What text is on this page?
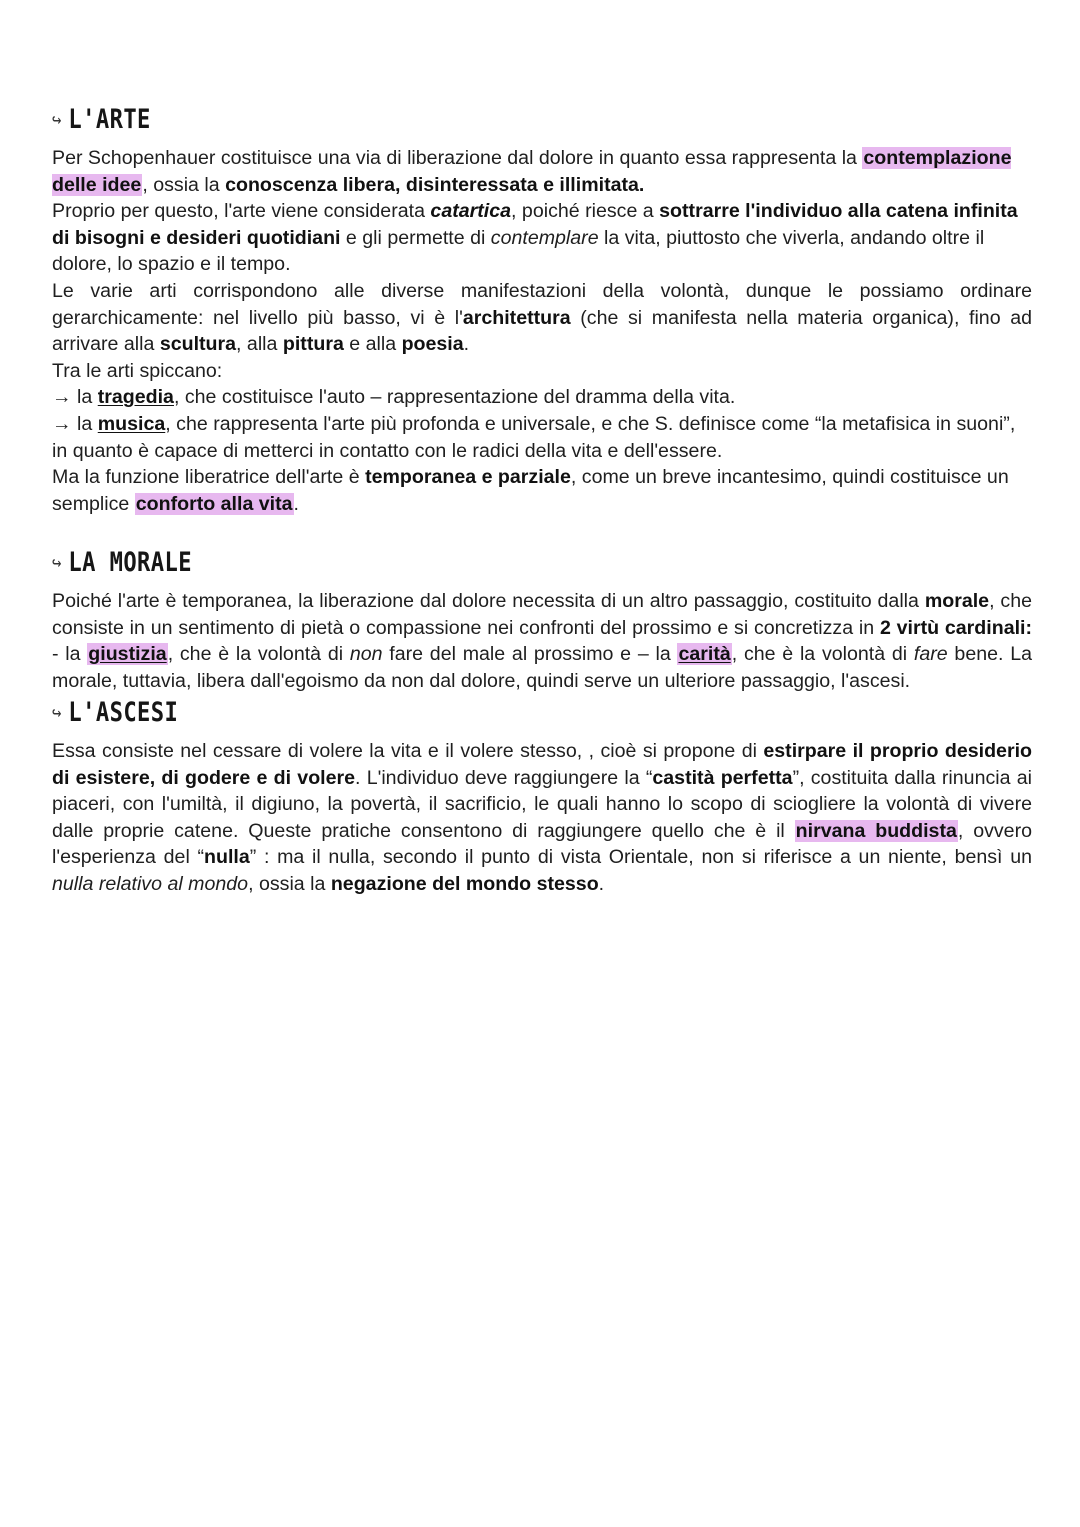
↪ L'ARTE

Per Schopenhauer costituisce una via di liberazione dal dolore in quanto essa rappresenta la contemplazione delle idee, ossia la conoscenza libera, disinteressata e illimitata.

Proprio per questo, l'arte viene considerata catartica, poiché riesce a sottrarre l'individuo alla catena infinita di bisogni e desideri quotidiani e gli permette di contemplare la vita, piuttosto che viverla, andando oltre il dolore, lo spazio e il tempo.

Le varie arti corrispondono alle diverse manifestazioni della volontà, dunque le possiamo ordinare gerarchicamente: nel livello più basso, vi è l'architettura (che si manifesta nella materia organica), fino ad arrivare alla scultura, alla pittura e alla poesia.

Tra le arti spiccano:

→ la tragedia, che costituisce l'auto – rappresentazione del dramma della vita.

→ la musica, che rappresenta l'arte più profonda e universale, e che S. definisce come “la metafisica in suoni”, in quanto è capace di metterci in contatto con le radici della vita e dell'essere.

Ma la funzione liberatrice dell'arte è temporanea e parziale, come un breve incantesimo, quindi costituisce un semplice conforto alla vita.

↪ LA MORALE

Poiché l'arte è temporanea, la liberazione dal dolore necessita di un altro passaggio, costituito dalla morale, che consiste in un sentimento di pietà o compassione nei confronti del prossimo e si concretizza in 2 virtù cardinali: - la giustizia, che è la volontà di non fare del male al prossimo e – la carità, che è la volontà di fare bene. La morale, tuttavia, libera dall'egoismo da non dal dolore, quindi serve un ulteriore passaggio, l'ascesi.

↪ L'ASCESI

Essa consiste nel cessare di volere la vita e il volere stesso, , cioè si propone di estirpare il proprio desiderio di esistere, di godere e di volere. L'individuo deve raggiungere la “castità perfetta”, costituita dalla rinuncia ai piaceri, con l'umiltà, il digiuno, la povertà, il sacrificio, le quali hanno lo scopo di sciogliere la volontà di vivere dalle proprie catene. Queste pratiche consentono di raggiungere quello che è il nirvana buddista, ovvero l'esperienza del “nulla” : ma il nulla, secondo il punto di vista Orientale, non si riferisce a un niente, bensì un nulla relativo al mondo, ossia la negazione del mondo stesso.
